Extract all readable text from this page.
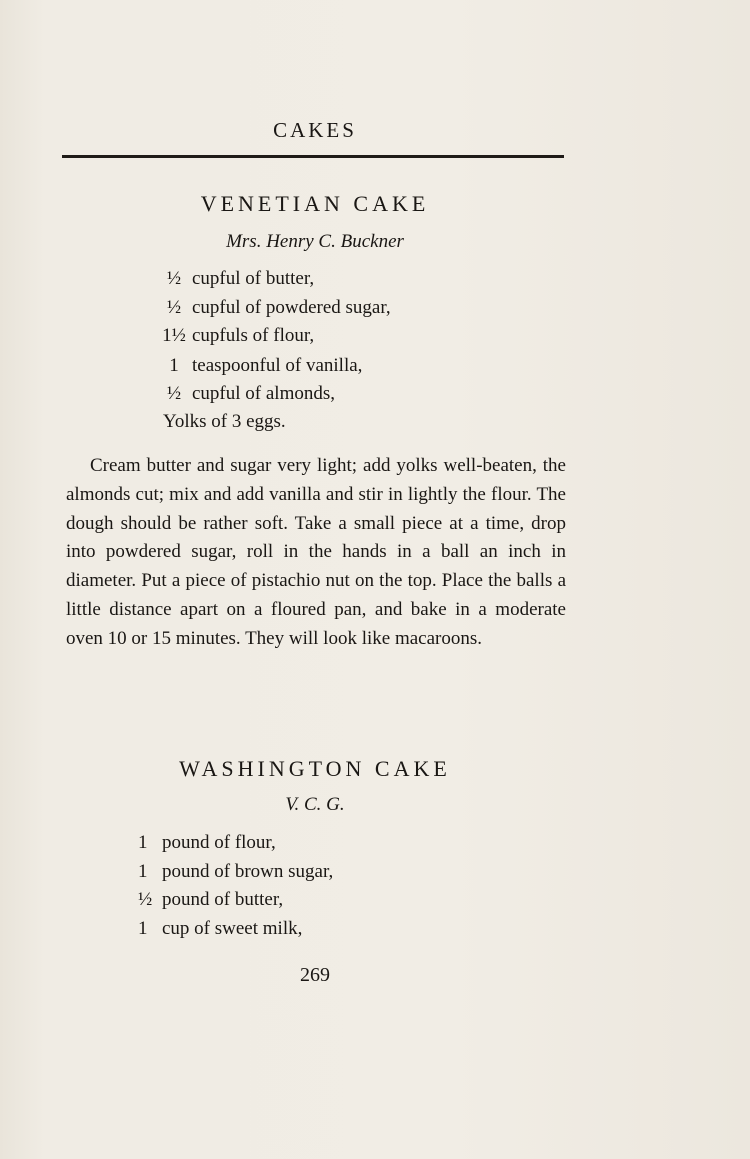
CAKES
VENETIAN CAKE
Mrs. Henry C. Buckner
½ cupful of butter,
½ cupful of powdered sugar,
1½ cupfuls of flour,
1 teaspoonful of vanilla,
½ cupful of almonds,
Yolks of 3 eggs.
Cream butter and sugar very light; add yolks well-beaten, the almonds cut; mix and add vanilla and stir in lightly the flour. The dough should be rather soft. Take a small piece at a time, drop into powdered sugar, roll in the hands in a ball an inch in diameter. Put a piece of pistachio nut on the top. Place the balls a little distance apart on a floured pan, and bake in a moderate oven 10 or 15 minutes. They will look like macaroons.
WASHINGTON CAKE
V. C. G.
1 pound of flour,
1 pound of brown sugar,
½ pound of butter,
1 cup of sweet milk,
269
